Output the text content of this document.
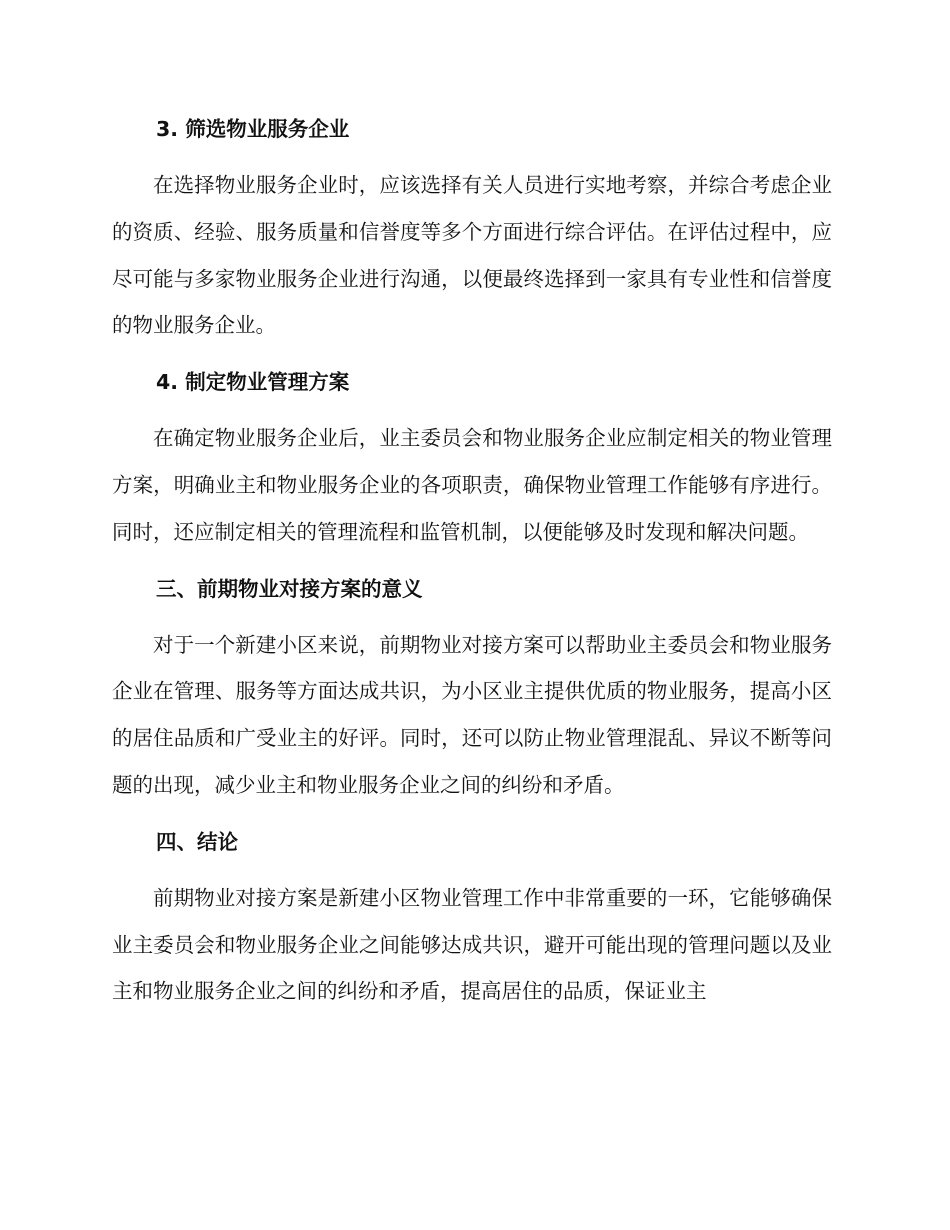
3. 筛选物业服务企业

在选择物业服务企业时，应该选择有关人员进行实地考察，并综合考虑企业的资质、经验、服务质量和信誉度等多个方面进行综合评估。在评估过程中，应尽可能与多家物业服务企业进行沟通，以便最终选择到一家具有专业性和信誉度的物业服务企业。

4. 制定物业管理方案

在确定物业服务企业后，业主委员会和物业服务企业应制定相关的物业管理方案，明确业主和物业服务企业的各项职责，确保物业管理工作能够有序进行。同时，还应制定相关的管理流程和监管机制，以便能够及时发现和解决问题。

三、前期物业对接方案的意义

对于一个新建小区来说，前期物业对接方案可以帮助业主委员会和物业服务企业在管理、服务等方面达成共识，为小区业主提供优质的物业服务，提高小区的居住品质和广受业主的好评。同时，还可以防止物业管理混乱、异议不断等问题的出现，减少业主和物业服务企业之间的纠纷和矛盾。

四、结论

前期物业对接方案是新建小区物业管理工作中非常重要的一环，它能够确保业主委员会和物业服务企业之间能够达成共识，避开可能出现的管理问题以及业主和物业服务企业之间的纠纷和矛盾，提高居住的品质，保证业主
